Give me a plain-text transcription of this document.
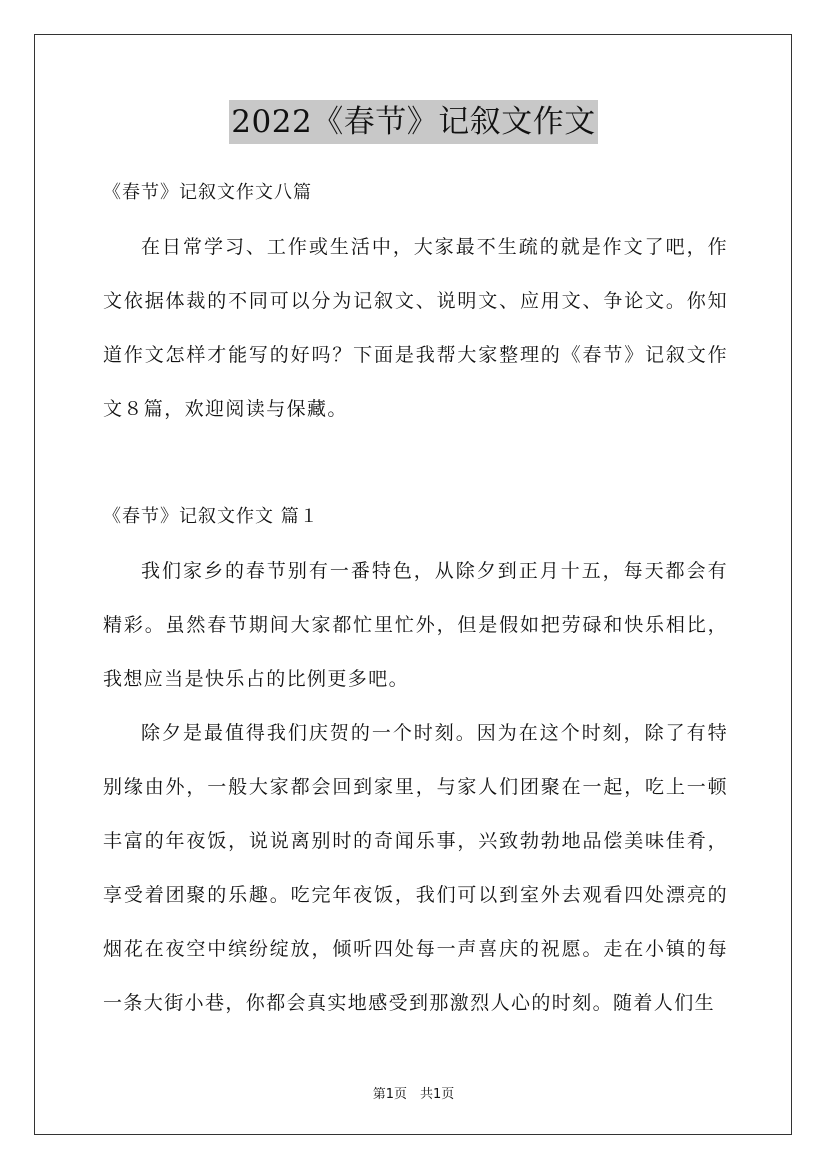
2022《春节》记叙文作文

《春节》记叙文作文八篇

在日常学习、工作或生活中，大家最不生疏的就是作文了吧，作文依据体裁的不同可以分为记叙文、说明文、应用文、争论文。你知道作文怎样才能写的好吗？下面是我帮大家整理的《春节》记叙文作文８篇，欢迎阅读与保藏。

《春节》记叙文作文 篇１

我们家乡的春节别有一番特色，从除夕到正月十五，每天都会有精彩。虽然春节期间大家都忙里忙外，但是假如把劳碌和快乐相比，我想应当是快乐占的比例更多吧。

除夕是最值得我们庆贺的一个时刻。因为在这个时刻，除了有特别缘由外，一般大家都会回到家里，与家人们团聚在一起，吃上一顿丰富的年夜饭，说说离别时的奇闻乐事，兴致勃勃地品偿美味佳肴，享受着团聚的乐趣。吃完年夜饭，我们可以到室外去观看四处漂亮的烟花在夜空中缤纷绽放，倾听四处每一声喜庆的祝愿。走在小镇的每一条大街小巷，你都会真实地感受到那激烈人心的时刻。随着人们生

第1页　共1页
